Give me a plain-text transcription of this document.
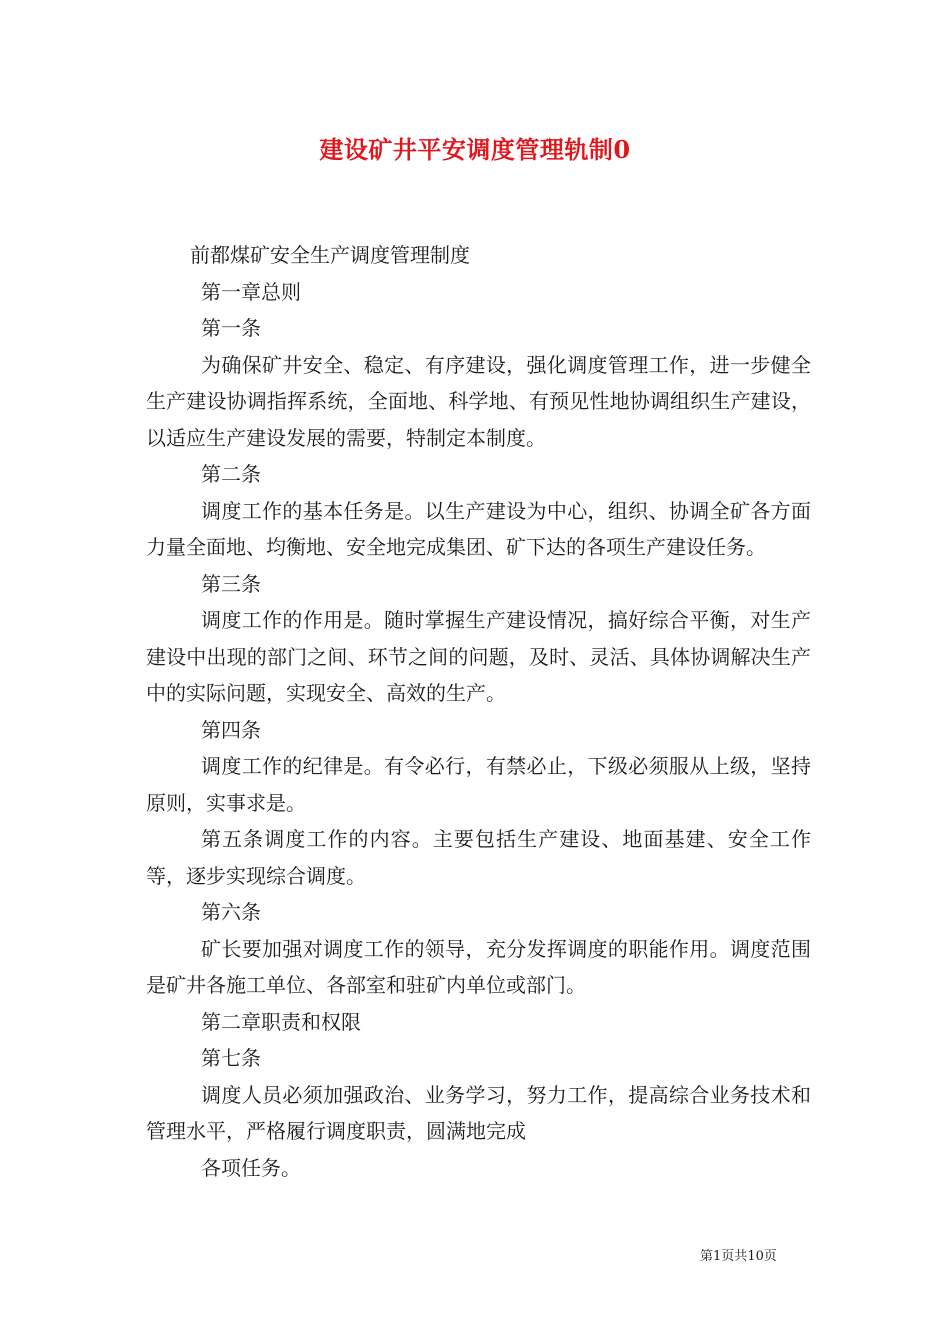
建设矿井平安调度管理轨制0

前都煤矿安全生产调度管理制度

第一章总则

第一条

为确保矿井安全、稳定、有序建设，强化调度管理工作，进一步健全生产建设协调指挥系统，全面地、科学地、有预见性地协调组织生产建设，以适应生产建设发展的需要，特制定本制度。

第二条

调度工作的基本任务是。以生产建设为中心，组织、协调全矿各方面力量全面地、均衡地、安全地完成集团、矿下达的各项生产建设任务。

第三条

调度工作的作用是。随时掌握生产建设情况，搞好综合平衡，对生产建设中出现的部门之间、环节之间的问题，及时、灵活、具体协调解决生产中的实际问题，实现安全、高效的生产。

第四条

调度工作的纪律是。有令必行，有禁必止，下级必须服从上级，坚持原则，实事求是。

第五条调度工作的内容。主要包括生产建设、地面基建、安全工作等，逐步实现综合调度。

第六条

矿长要加强对调度工作的领导，充分发挥调度的职能作用。调度范围是矿井各施工单位、各部室和驻矿内单位或部门。

第二章职责和权限

第七条

调度人员必须加强政治、业务学习，努力工作，提高综合业务技术和管理水平，严格履行调度职责，圆满地完成

各项任务。

第1页共10页
